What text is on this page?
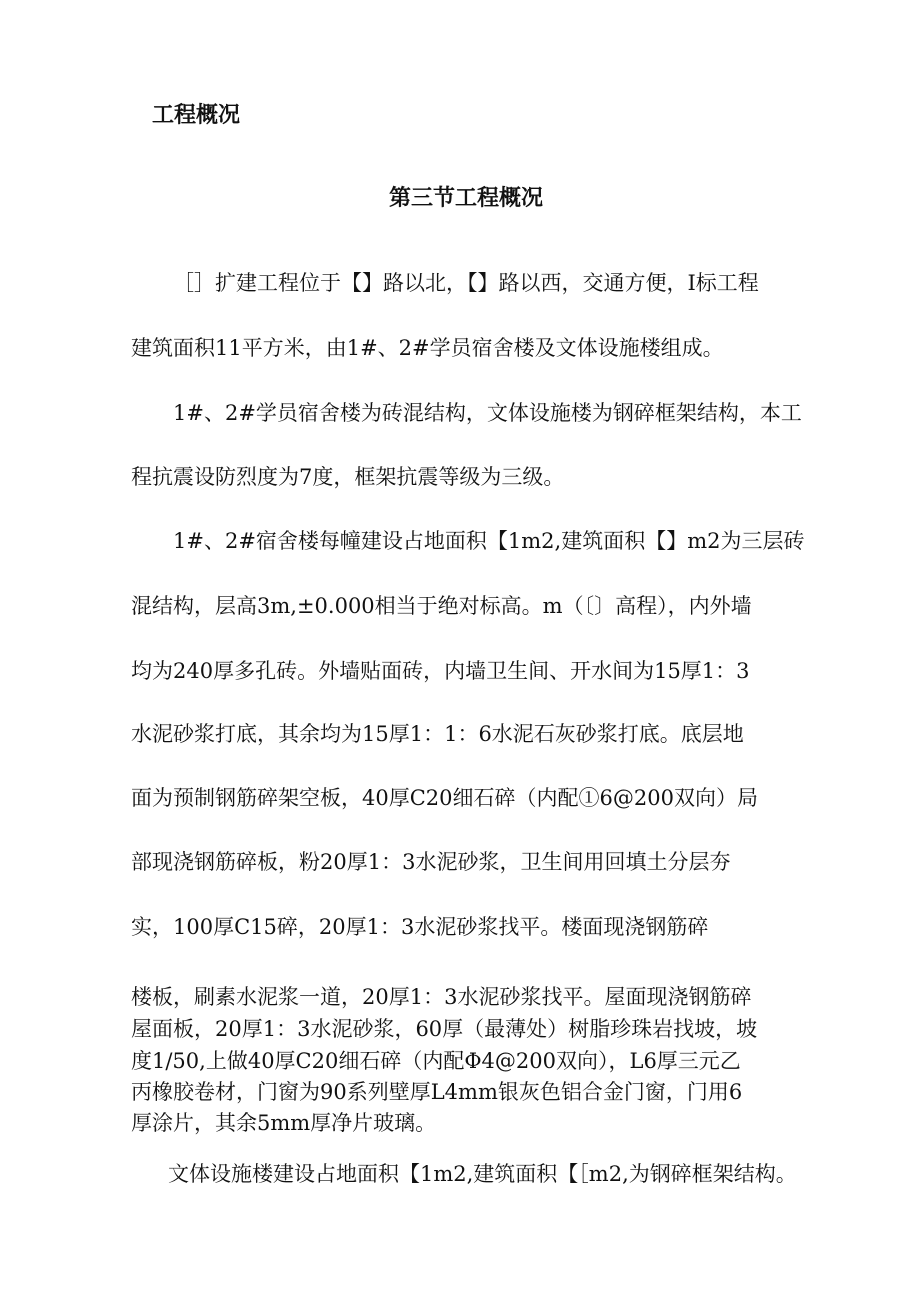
工程概况
第三节工程概况
［］扩建工程位于【】路以北，【】路以西，交通方便，I标工程
建筑面积11平方米，由1#、2#学员宿舍楼及文体设施楼组成。
1#、2#学员宿舍楼为砖混结构，文体设施楼为钢碎框架结构，本工
程抗震设防烈度为7度，框架抗震等级为三级。
1#、2#宿舍楼每幢建设占地面积【1m2,建筑面积【】m2为三层砖
混结构，层高3m,±0.000相当于绝对标高。m（〔〕高程），内外墙
均为240厚多孔砖。外墙贴面砖，内墙卫生间、开水间为15厚1：3
水泥砂浆打底，其余均为15厚1：1：6水泥石灰砂浆打底。底层地
面为预制钢筋碎架空板，40厚C20细石碎（内配①6@200双向）局
部现浇钢筋碎板，粉20厚1：3水泥砂浆，卫生间用回填土分层夯
实，100厚C15碎，20厚1：3水泥砂浆找平。楼面现浇钢筋碎
楼板，刷素水泥浆一道，20厚1：3水泥砂浆找平。屋面现浇钢筋碎
屋面板，20厚1：3水泥砂浆，60厚（最薄处）树脂珍珠岩找坡，坡
度1/50,上做40厚C20细石碎（内配Φ4@200双向），L6厚三元乙
丙橡胶卷材，门窗为90系列壁厚L4mm银灰色铝合金门窗，门用6
厚涂片，其余5mm厚净片玻璃。
文体设施楼建设占地面积【1m2,建筑面积【［m2,为钢碎框架结构。
